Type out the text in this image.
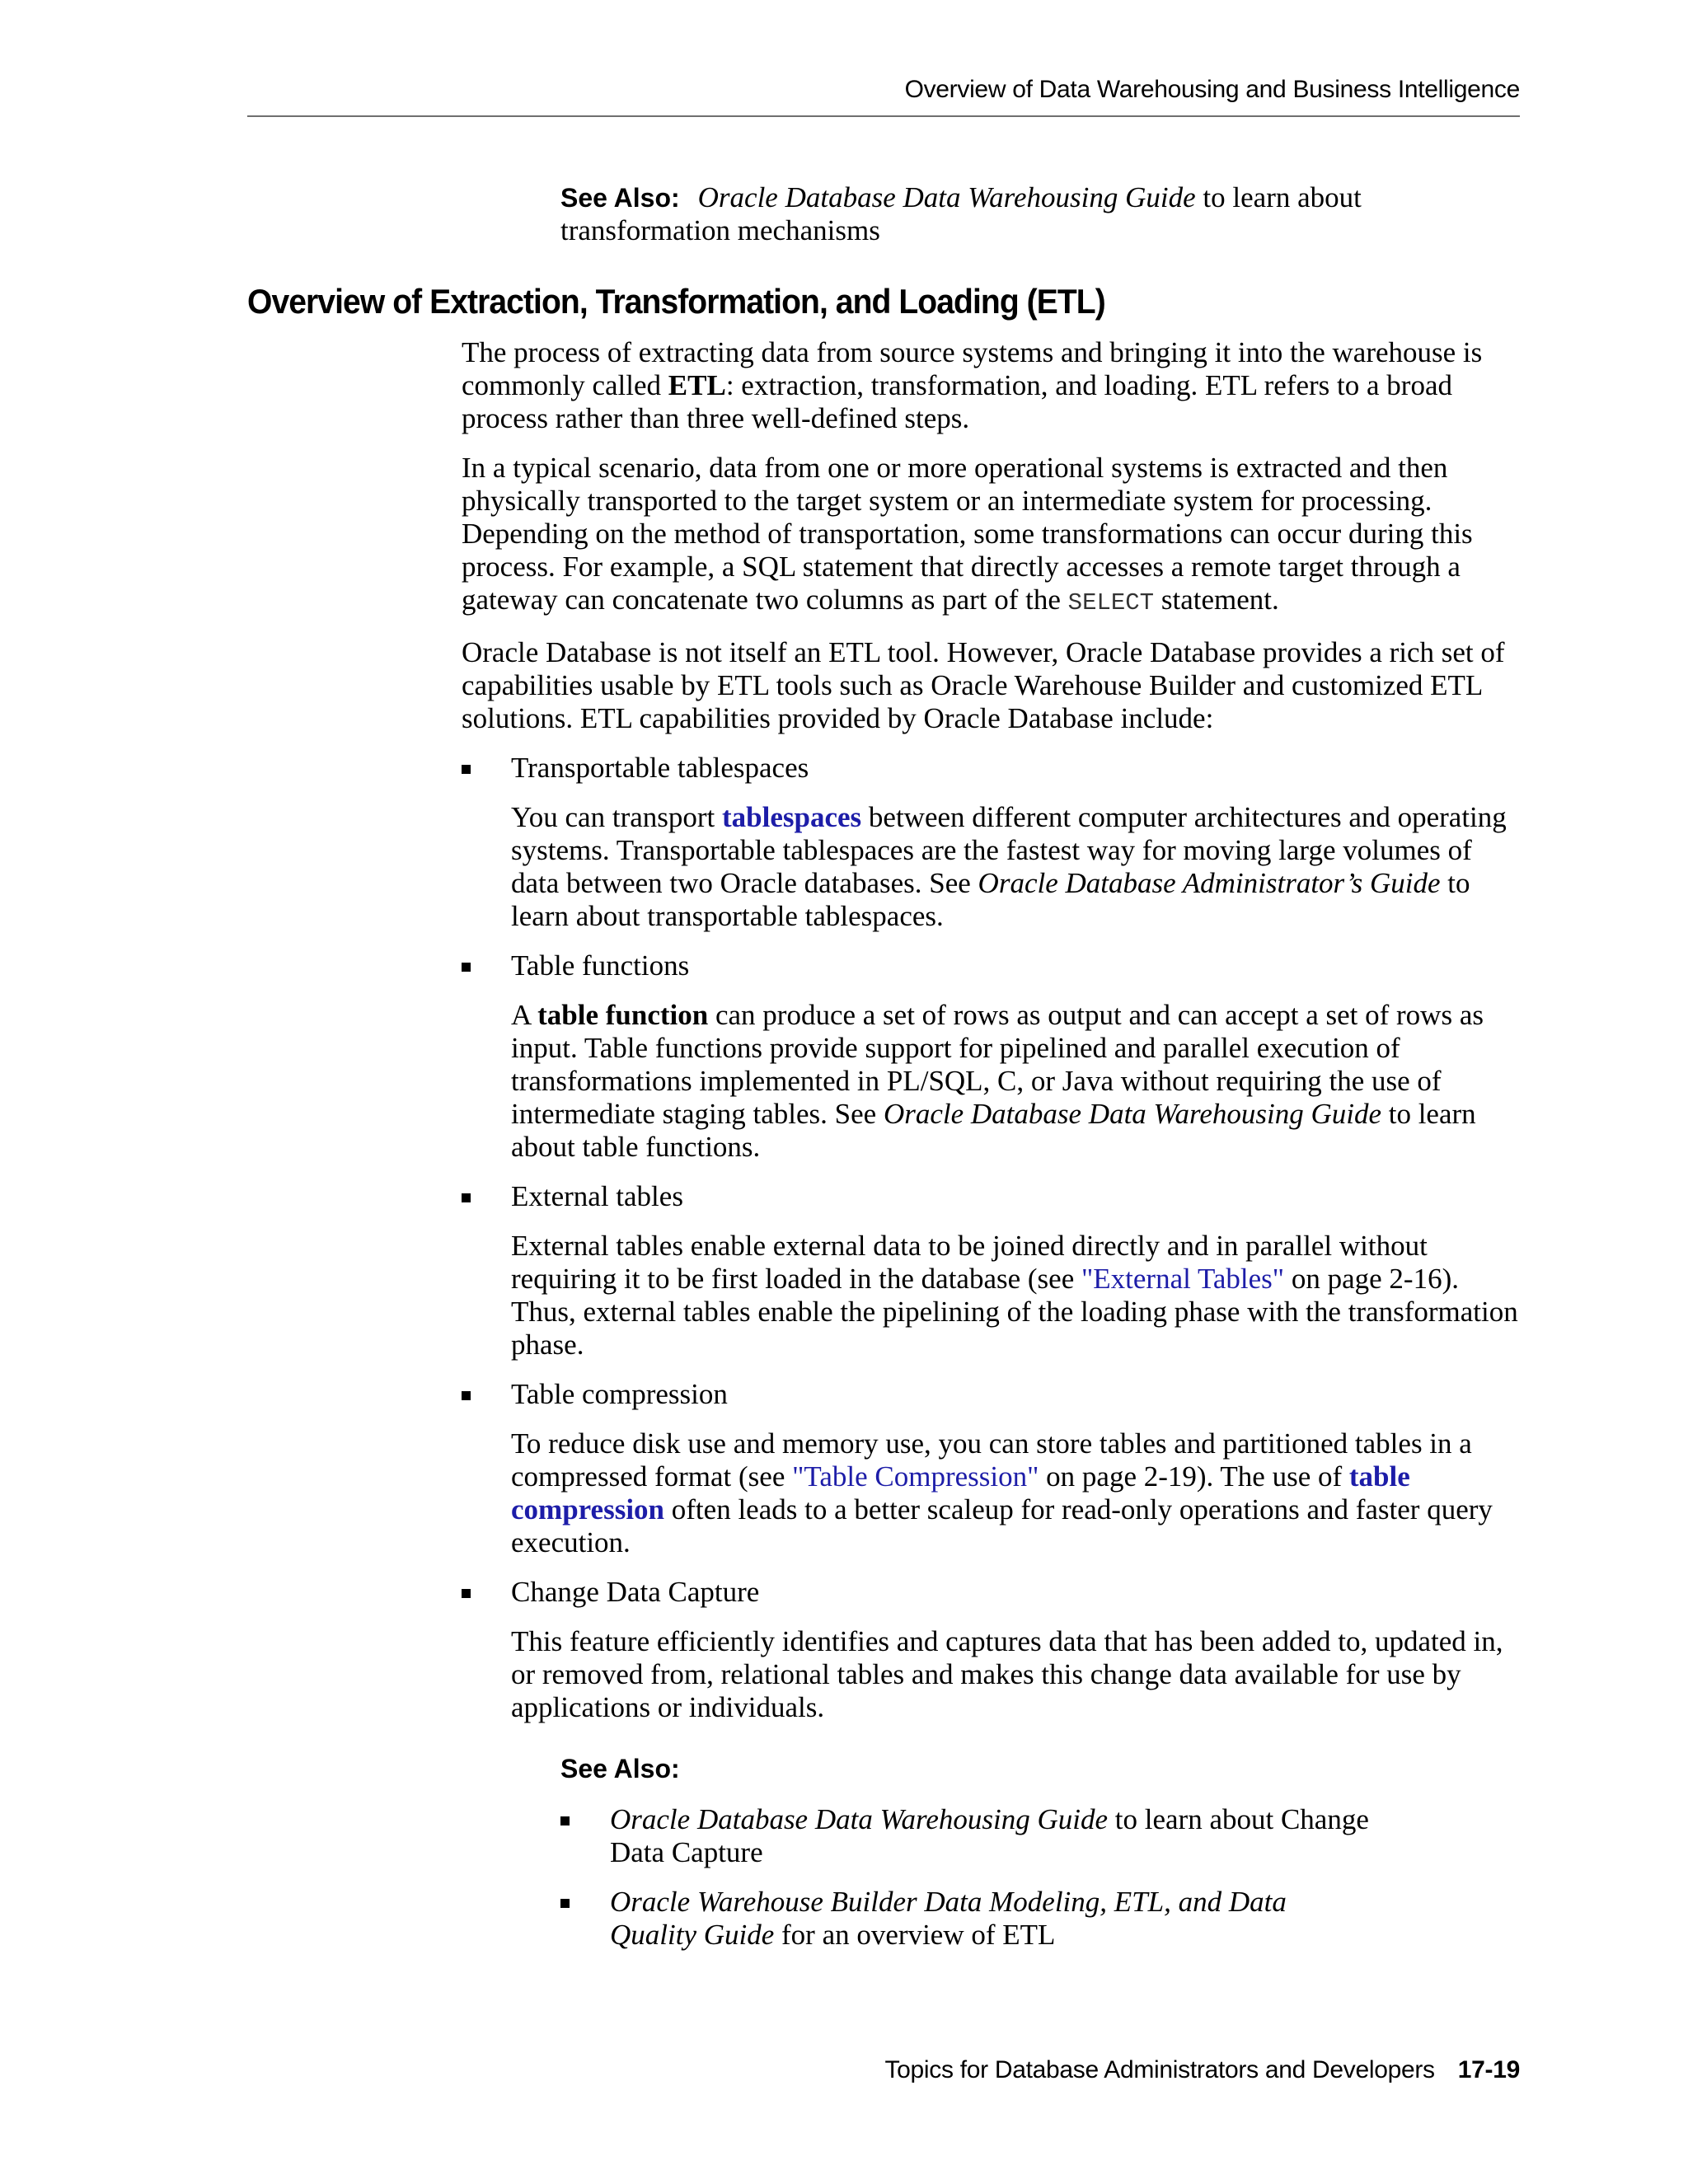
Overview of Data Warehousing and Business Intelligence
See Also: Oracle Database Data Warehousing Guide to learn about transformation mechanisms
Overview of Extraction, Transformation, and Loading (ETL)

The process of extracting data from source systems and bringing it into the warehouse is commonly called ETL: extraction, transformation, and loading. ETL refers to a broad process rather than three well-defined steps.

In a typical scenario, data from one or more operational systems is extracted and then physically transported to the target system or an intermediate system for processing. Depending on the method of transportation, some transformations can occur during this process. For example, a SQL statement that directly accesses a remote target through a gateway can concatenate two columns as part of the SELECT statement.

Oracle Database is not itself an ETL tool. However, Oracle Database provides a rich set of capabilities usable by ETL tools such as Oracle Warehouse Builder and customized ETL solutions. ETL capabilities provided by Oracle Database include:

Transportable tablespaces

You can transport tablespaces between different computer architectures and operating systems. Transportable tablespaces are the fastest way for moving large volumes of data between two Oracle databases. See Oracle Database Administrator’s Guide to learn about transportable tablespaces.

Table functions

A table function can produce a set of rows as output and can accept a set of rows as input. Table functions provide support for pipelined and parallel execution of transformations implemented in PL/SQL, C, or Java without requiring the use of intermediate staging tables. See Oracle Database Data Warehousing Guide to learn about table functions.

External tables

External tables enable external data to be joined directly and in parallel without requiring it to be first loaded in the database (see "External Tables" on page 2-16). Thus, external tables enable the pipelining of the loading phase with the transformation phase.

Table compression

To reduce disk use and memory use, you can store tables and partitioned tables in a compressed format (see "Table Compression" on page 2-19). The use of table compression often leads to a better scaleup for read-only operations and faster query execution.

Change Data Capture

This feature efficiently identifies and captures data that has been added to, updated in, or removed from, relational tables and makes this change data available for use by applications or individuals.

See Also:
Oracle Database Data Warehousing Guide to learn about Change Data Capture
Oracle Warehouse Builder Data Modeling, ETL, and Data Quality Guide for an overview of ETL
Topics for Database Administrators and Developers 17-19
